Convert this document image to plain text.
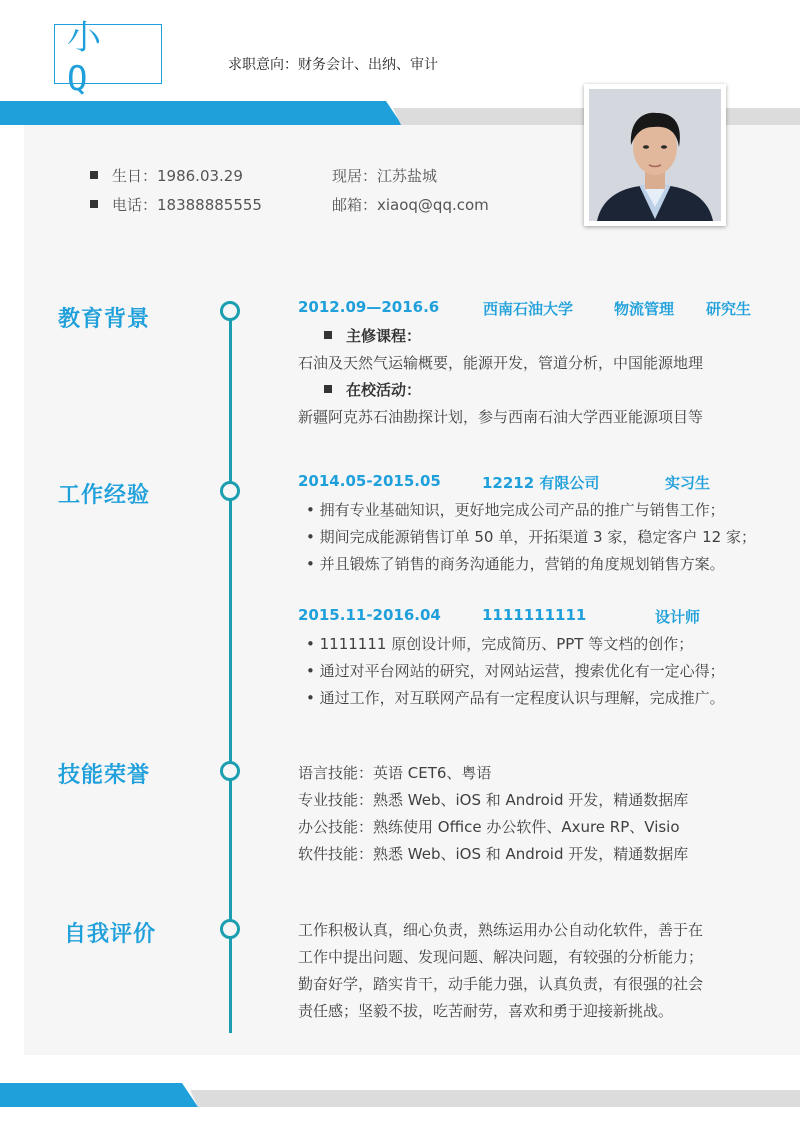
小 Q	求职意向：财务会计、出纳、审计
生日：1986.03.29	现居：江苏盐城
电话：18388885555	邮箱：xiaoq@qq.com
教育背景
工作经验
技能荣誉
自我评价
2012.09—2016.6	西南石油大学	物流管理 研究生
主修课程：
石油及天然气运输概要，能源开发，管道分析，中国能源地理
在校活动：
新疆阿克苏石油勘探计划，参与西南石油大学西亚能源项目等
2014.05-2015.05	12212 有限公司	实习生
• 拥有专业基础知识，更好地完成公司产品的推广与销售工作；
• 期间完成能源销售订单 50 单，开拓渠道 3 家，稳定客户 12 家；
• 并且锻炼了销售的商务沟通能力，营销的角度规划销售方案。
2015.11-2016.04	1111111111	设计师
• 1111111 原创设计师，完成简历、PPT 等文档的创作；
• 通过对平台网站的研究，对网站运营，搜索优化有一定心得；
• 通过工作，对互联网产品有一定程度认识与理解，完成推广。
语言技能：英语 CET6、粤语
专业技能：熟悉 Web、iOS 和 Android 开发，精通数据库
办公技能：熟练使用 Office 办公软件、Axure RP、Visio
软件技能：熟悉 Web、iOS 和 Android 开发，精通数据库
工作积极认真，细心负责，熟练运用办公自动化软件，善于在
工作中提出问题、发现问题、解决问题，有较强的分析能力；
勤奋好学，踏实肯干，动手能力强，认真负责，有很强的社会
责任感；坚毅不拔，吃苦耐劳，喜欢和勇于迎接新挑战。
